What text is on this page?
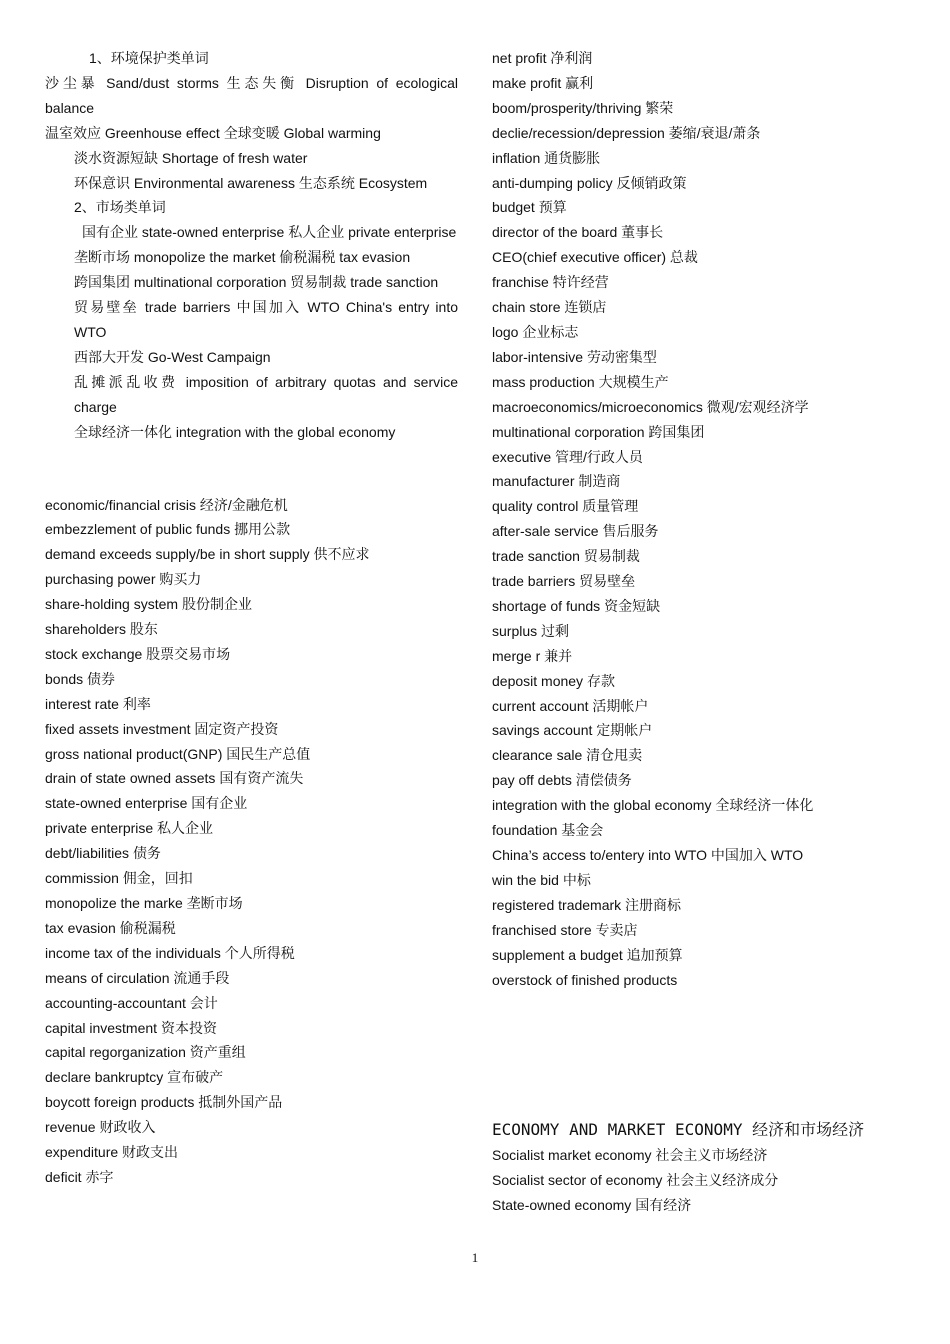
1、环境保护类单词
沙尘暴 Sand/dust storms 生态失衡 Disruption of ecological balance
温室效应 Greenhouse effect 全球变暖 Global warming
淡水资源短缺 Shortage of fresh water
环保意识 Environmental awareness 生态系统 Ecosystem
2、市场类单词
国有企业 state-owned enterprise 私人企业 private enterprise
垄断市场 monopolize the market 偷税漏税 tax evasion
跨国集团 multinational corporation 贸易制裁 trade sanction
贸易壁垒 trade barriers 中国加入 WTO China's entry into WTO
西部大开发 Go-West Campaign
乱摊派乱收费 imposition of arbitrary quotas and service charge
全球经济一体化 integration with the global economy
economic/financial crisis 经济/金融危机
embezzlement of public funds 挪用公款
demand exceeds supply/be in short supply 供不应求
purchasing power 购买力
share-holding system 股份制企业
shareholders 股东
stock exchange 股票交易市场
bonds 债券
interest rate 利率
fixed assets investment 固定资产投资
gross national product(GNP) 国民生产总值
drain of state owned assets 国有资产流失
state-owned enterprise 国有企业
private enterprise 私人企业
debt/liabilities 债务
commission 佣金，回扣
monopolize the marke 垄断市场
tax evasion 偷税漏税
income tax of the individuals 个人所得税
means of circulation 流通手段
accounting-accountant 会计
capital investment 资本投资
capital regorganization 资产重组
declare bankruptcy 宣布破产
boycott foreign products 抵制外国产品
revenue 财政收入
expenditure 财政支出
deficit 赤字
net profit 净利润
make profit 赢利
boom/prosperity/thriving 繁荣
declie/recession/depression 萎缩/衰退/萧条
inflation 通货膨胀
anti-dumping policy 反倾销政策
budget 预算
director of the board 董事长
CEO(chief executive officer) 总裁
franchise 特许经营
chain store 连锁店
logo 企业标志
labor-intensive 劳动密集型
mass production 大规模生产
macroeconomics/microeconomics 微观/宏观经济学
multinational corporation 跨国集团
executive 管理/行政人员
manufacturer 制造商
quality control 质量管理
after-sale service 售后服务
trade sanction 贸易制裁
trade barriers 贸易壁垒
shortage of funds 资金短缺
surplus 过剩
merge r 兼并
deposit money 存款
current account 活期帐户
savings account 定期帐户
clearance sale 清仓甩卖
pay off debts 清偿债务
integration with the global economy 全球经济一体化
foundation 基金会
China’s access to/entery into WTO 中国加入 WTO
win the bid 中标
registered trademark 注册商标
franchised store 专卖店
supplement a budget 追加预算
overstock of finished products
ECONOMY AND MARKET ECONOMY 经济和市场经济
Socialist market economy 社会主义市场经济
Socialist sector of economy 社会主义经济成分
State-owned economy 国有经济
1
